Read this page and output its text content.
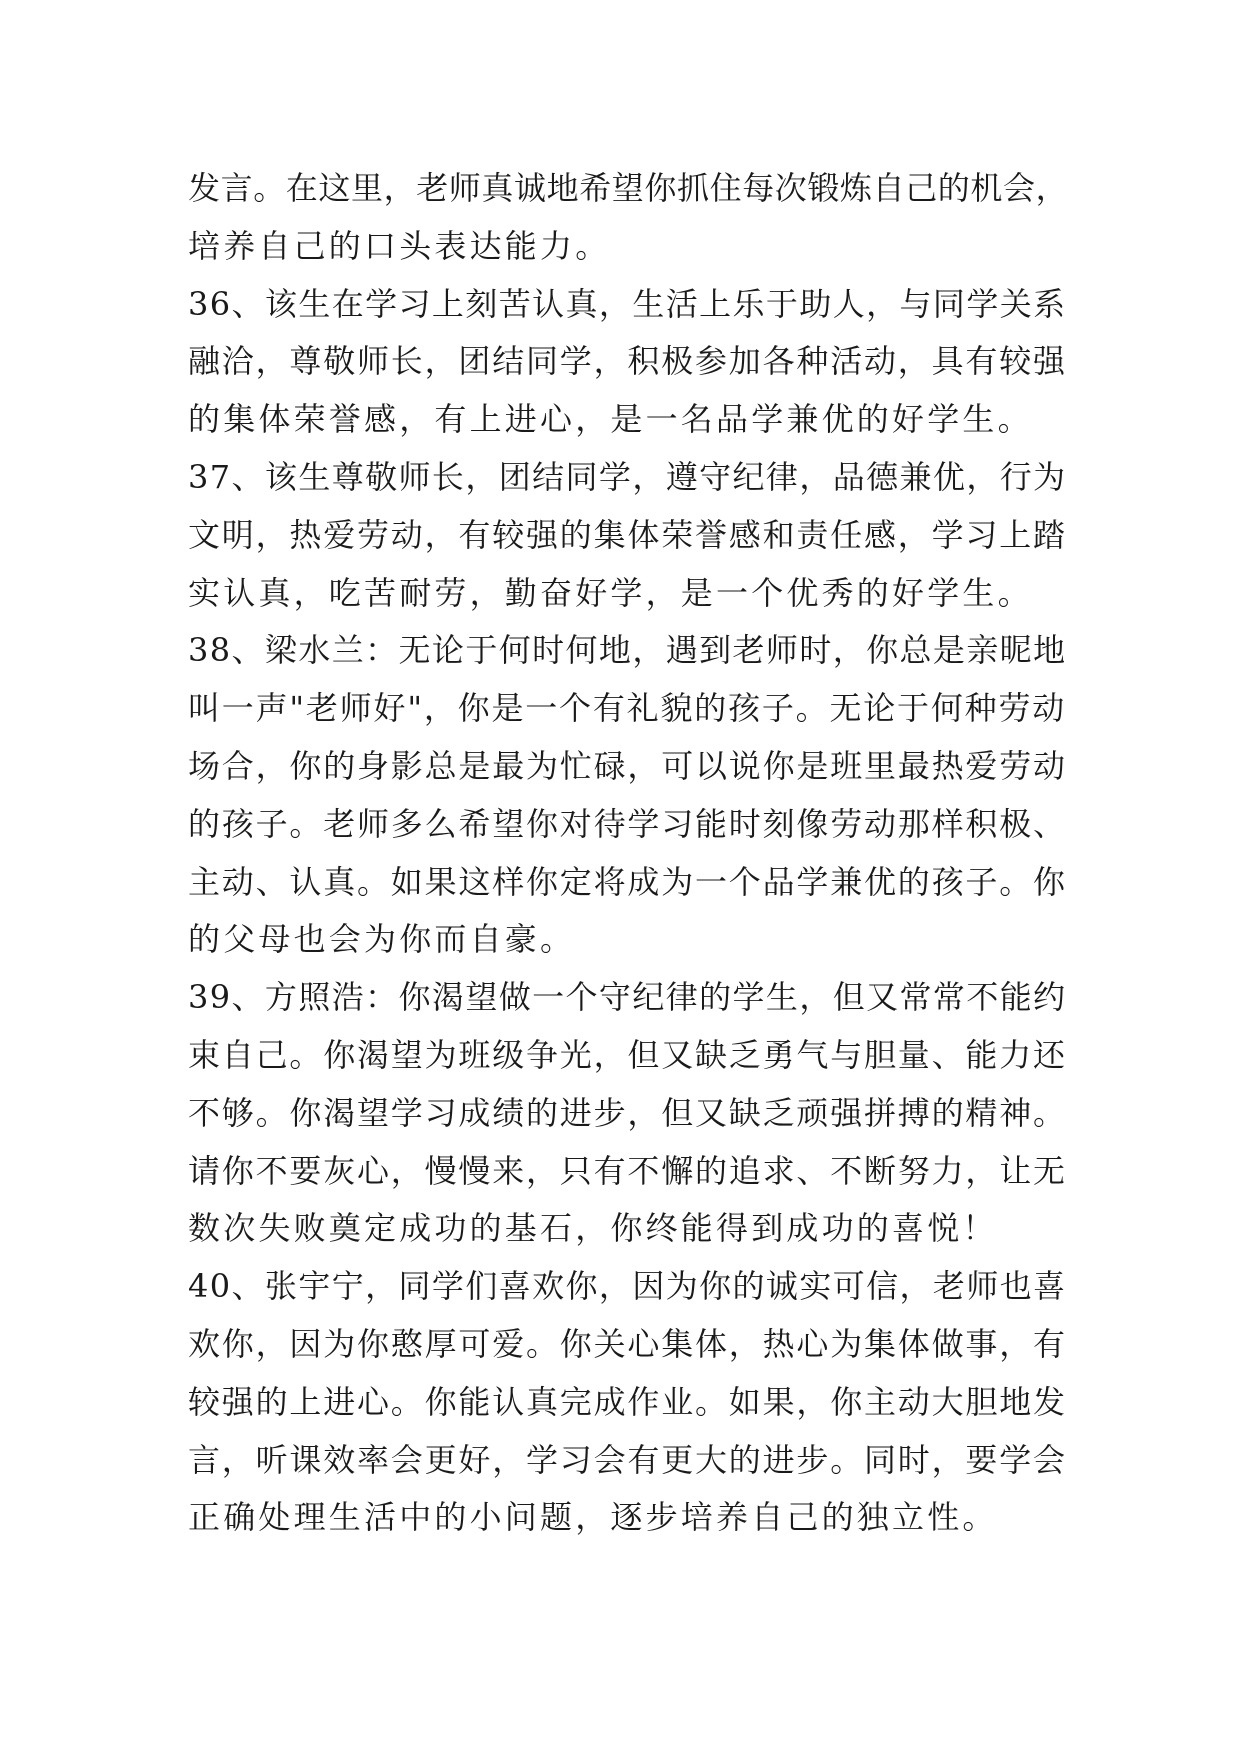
发言。在这里，老师真诚地希望你抓住每次锻炼自己的机会，
培养自己的口头表达能力。
36、该生在学习上刻苦认真，生活上乐于助人，与同学关系
融洽，尊敬师长，团结同学，积极参加各种活动，具有较强
的集体荣誉感，有上进心，是一名品学兼优的好学生。
37、该生尊敬师长，团结同学，遵守纪律，品德兼优，行为
文明，热爱劳动，有较强的集体荣誉感和责任感，学习上踏
实认真，吃苦耐劳，勤奋好学，是一个优秀的好学生。
38、梁水兰：无论于何时何地，遇到老师时，你总是亲昵地
叫一声"老师好"，你是一个有礼貌的孩子。无论于何种劳动
场合，你的身影总是最为忙碌，可以说你是班里最热爱劳动
的孩子。老师多么希望你对待学习能时刻像劳动那样积极、
主动、认真。如果这样你定将成为一个品学兼优的孩子。你
的父母也会为你而自豪。
39、方照浩：你渴望做一个守纪律的学生，但又常常不能约
束自己。你渴望为班级争光，但又缺乏勇气与胆量、能力还
不够。你渴望学习成绩的进步，但又缺乏顽强拼搏的精神。
请你不要灰心，慢慢来，只有不懈的追求、不断努力，让无
数次失败奠定成功的基石，你终能得到成功的喜悦！
40、张宇宁，同学们喜欢你，因为你的诚实可信，老师也喜
欢你，因为你憨厚可爱。你关心集体，热心为集体做事，有
较强的上进心。你能认真完成作业。如果，你主动大胆地发
言，听课效率会更好，学习会有更大的进步。同时，要学会
正确处理生活中的小问题，逐步培养自己的独立性。
